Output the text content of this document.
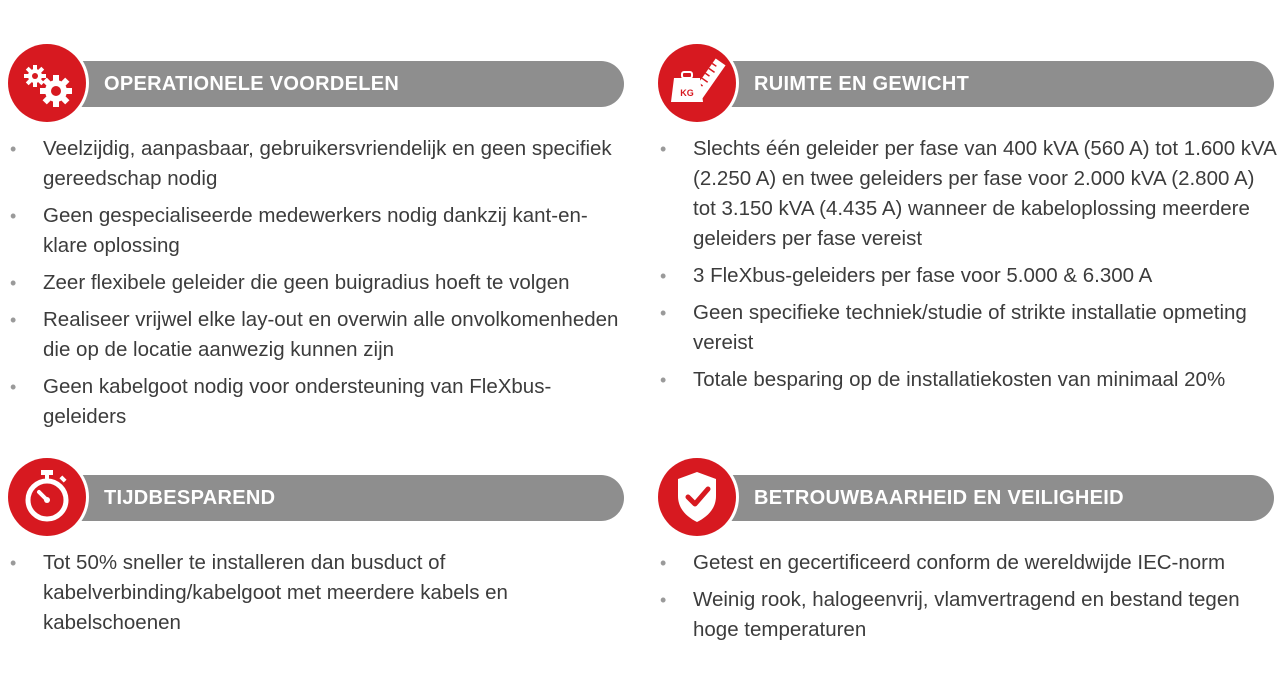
OPERATIONELE VOORDELEN
• Veelzijdig, aanpasbaar, gebruikersvriendelijk en geen specifiek gereedschap nodig
• Geen gespecialiseerde medewerkers nodig dankzij kant-en-klare oplossing
• Zeer flexibele geleider die geen buigradius hoeft te volgen
• Realiseer vrijwel elke lay-out en overwin alle onvolkomenheden die op de locatie aanwezig kunnen zijn
• Geen kabelgoot nodig voor ondersteuning van FleXbus-geleiders
RUIMTE EN GEWICHT
KG
• Slechts één geleider per fase van 400 kVA (560 A) tot 1.600 kVA (2.250 A) en twee geleiders per fase voor 2.000 kVA (2.800 A) tot 3.150 kVA (4.435 A) wanneer de kabeloplossing meerdere geleiders per fase vereist
• 3 FleXbus-geleiders per fase voor 5.000 & 6.300 A
• Geen specifieke techniek/studie of strikte installatie opmeting vereist
• Totale besparing op de installatiekosten van minimaal 20%
TIJDBESPAREND
• Tot 50% sneller te installeren dan busduct of kabelverbinding/kabelgoot met meerdere kabels en kabelschoenen
BETROUWBAARHEID EN VEILIGHEID
• Getest en gecertificeerd conform de wereldwijde IEC-norm
• Weinig rook, halogeenvrij, vlamvertragend en bestand tegen hoge temperaturen
